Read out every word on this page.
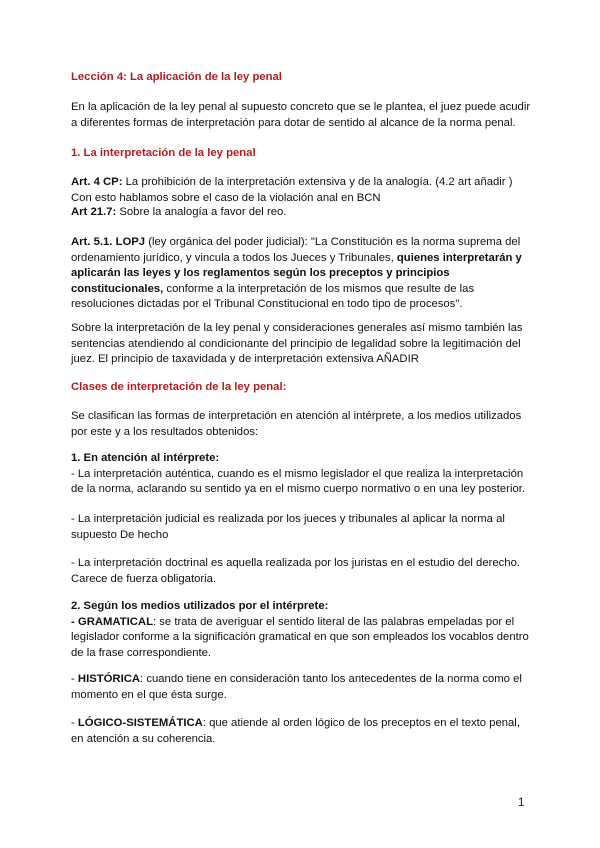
Lección 4: La aplicación de la ley penal

En la aplicación de la ley penal al supuesto concreto que se le plantea, el juez puede acudir a diferentes formas de interpretación para dotar de sentido al alcance de la norma penal.

1. La interpretación de la ley penal

Art. 4 CP: La prohibición de la interpretación extensiva y de la analogía. (4.2 art añadir ) Con esto hablamos sobre el caso de la violación anal en BCN

Art 21.7: Sobre la analogía a favor del reo.

Art. 5.1. LOPJ (ley orgánica del poder judicial): "La Constitución es la norma suprema del ordenamiento jurídico, y vincula a todos los Jueces y Tribunales, quienes interpretarán y aplicarán las leyes y los reglamentos según los preceptos y principios constitucionales, conforme a la interpretación de los mismos que resulte de las resoluciones dictadas por el Tribunal Constitucional en todo tipo de procesos".

Sobre la interpretación de la ley penal y consideraciones generales así mismo también las sentencias atendiendo al condicionante del principio de legalidad sobre la legitimación del juez. El principio de taxavidada y de interpretación extensiva AÑADIR

Clases de interpretación de la ley penal:

Se clasifican las formas de interpretación en atención al intérprete, a los medios utilizados por este y a los resultados obtenidos:

1. En atención al intérprete:
- La interpretación auténtica, cuando es el mismo legislador el que realiza la interpretación de la norma, aclarando su sentido ya en el mismo cuerpo normativo o en una ley posterior.

- La interpretación judicial es realizada por los jueces y tribunales al aplicar la norma al supuesto De hecho

- La interpretación doctrinal es aquella realizada por los juristas en el estudio del derecho. Carece de fuerza obligatoria.

2. Según los medios utilizados por el intérprete:
- GRAMATICAL: se trata de averiguar el sentido literal de las palabras empeladas por el legislador conforme a la significación gramatical en que son empleados los vocablos dentro de la frase correspondiente.

- HISTÓRICA: cuando tiene en consideración tanto los antecedentes de la norma como el momento en el que ésta surge.

- LÓGICO-SISTEMÁTICA: que atiende al orden lógico de los preceptos en el texto penal, en atención a su coherencia.

1
